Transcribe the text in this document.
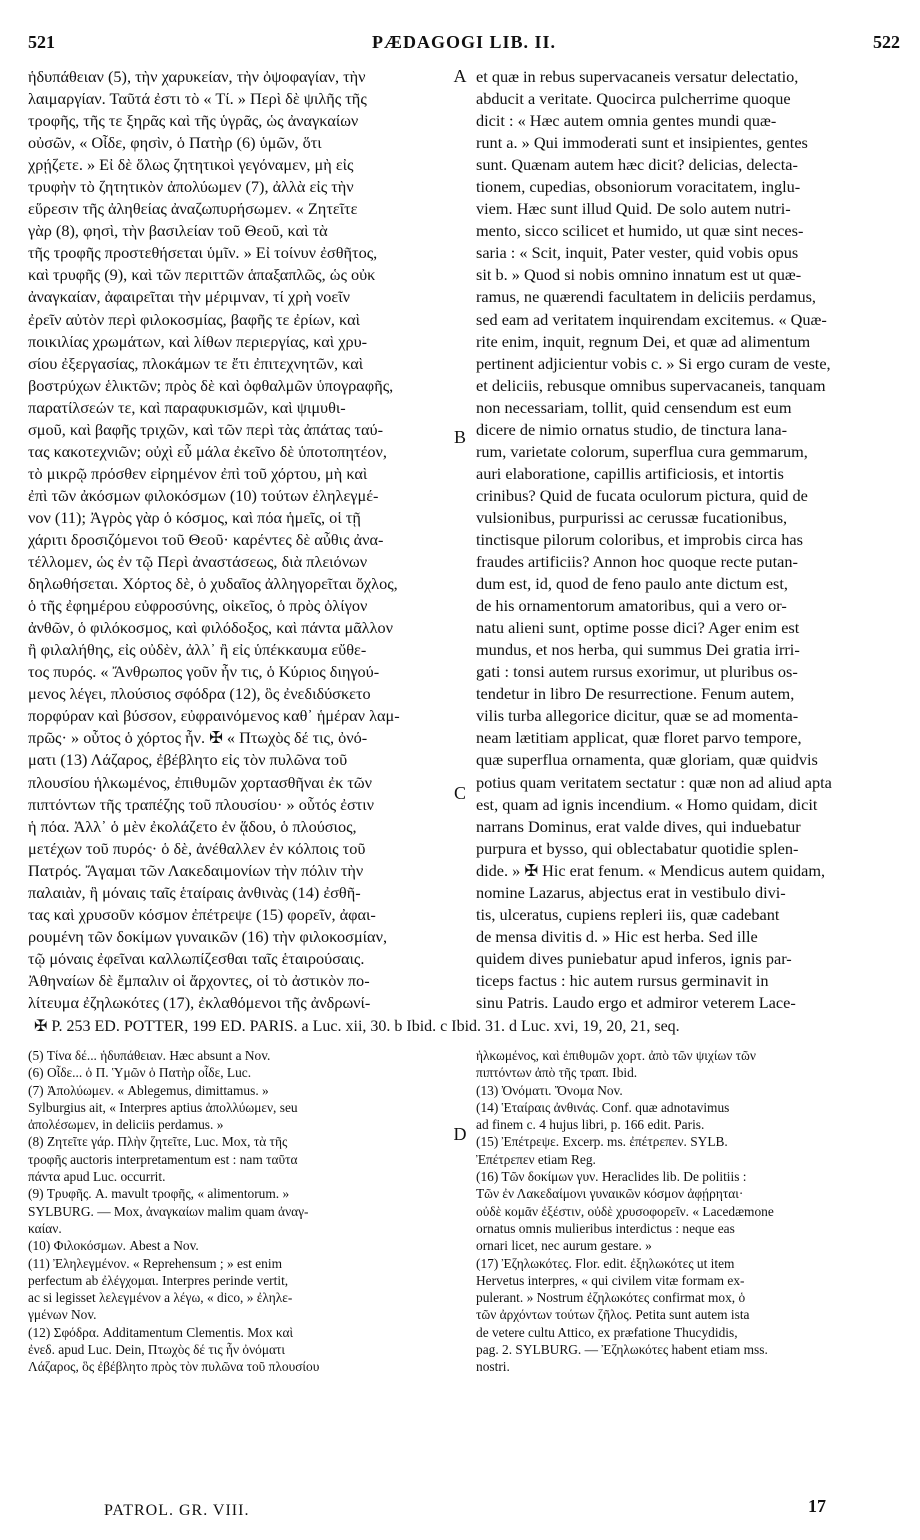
521	PÆDAGOGI LIB. II.	522
ἡδυπάθειαν (5), τὴν χαρυκείαν, τὴν ὀψοφαγίαν, τὴν
λαιμαργίαν. Ταῦτά ἐστι τὸ « Τί. » Περὶ δὲ ψιλῆς τῆς
τροφῆς, τῆς τε ξηρᾶς καὶ τῆς ὑγρᾶς, ὡς ἀναγκαίων
οὐσῶν, « Οἶδε, φησὶν, ὁ Πατὴρ (6) ὑμῶν, ὅτι
χρῄζετε. » Εἰ δὲ ὅλως ζητητικοὶ γεγόναμεν, μὴ εἰς
τρυφὴν τὸ ζητητικὸν ἀπολύωμεν (7), ἀλλὰ εἰς τὴν
εὕρεσιν τῆς ἀληθείας ἀναζωπυρήσωμεν. « Ζητεῖτε
γὰρ (8), φησὶ, τὴν βασιλείαν τοῦ Θεοῦ, καὶ τὰ
τῆς τροφῆς προστεθήσεται ὑμῖν. » Εἰ τοίνυν ἐσθῆτος,
καὶ τρυφῆς (9), καὶ τῶν περιττῶν ἁπαξαπλῶς, ὡς οὐκ
ἀναγκαίαν, ἀφαιρεῖται τὴν μέριμναν, τί χρὴ νοεῖν
ἐρεῖν αὐτὸν περὶ φιλοκοσμίας, βαφῆς τε ἐρίων, καὶ
ποικιλίας χρωμάτων, καὶ λίθων περιεργίας, καὶ χρυ-
σίου ἐξεργασίας, πλοκάμων τε ἔτι ἐπιτεχνητῶν, καὶ
βοστρύχων ἑλικτῶν; πρὸς δὲ καὶ ὀφθαλμῶν ὑπογραφῆς,
παρατίλσεών τε, καὶ παραφυκισμῶν, καὶ ψιμυθι-
σμοῦ, καὶ βαφῆς τριχῶν, καὶ τῶν περὶ τὰς ἀπάτας ταύ-
τας κακοτεχνιῶν; οὐχὶ εὖ μάλα ἐκεῖνο δὲ ὑποτοπητέον,
τὸ μικρῷ πρόσθεν εἰρημένον ἐπὶ τοῦ χόρτου, μὴ καὶ
ἐπὶ τῶν ἀκόσμων φιλοκόσμων (10) τούτων ἐληλεγμέ-
νον (11); Ἀγρὸς γὰρ ὁ κόσμος, καὶ πόα ἡμεῖς, οἱ τῇ
χάριτι δροσιζόμενοι τοῦ Θεοῦ· καρέντες δὲ αὖθις ἀνα-
τέλλομεν, ὡς ἐν τῷ Περὶ ἀναστάσεως, διὰ πλειόνων
δηλωθήσεται. Χόρτος δὲ, ὁ χυδαῖος ἀλληγορεῖται ὄχλος,
ὁ τῆς ἐφημέρου εὐφροσύνης, οἰκεῖος, ὁ πρὸς ὀλίγον
ἀνθῶν, ὁ φιλόκοσμος, καὶ φιλόδοξος, καὶ πάντα μᾶλλον
ἢ φιλαλήθης, εἰς οὐδὲν, ἀλλ᾽ ἢ εἰς ὑπέκκαυμα εὔθε-
τος πυρός. « Ἄνθρωπος γοῦν ἦν τις, ὁ Κύριος διηγού-
μενος λέγει, πλούσιος σφόδρα (12), ὃς ἐνεδιδύσκετο
πορφύραν καὶ βύσσον, εὐφραινόμενος καθ᾽ ἡμέραν λαμ-
πρῶς· » οὗτος ὁ χόρτος ἦν. ✠ « Πτωχὸς δέ τις, ὀνό-
ματι (13) Λάζαρος, ἐβέβλητο εἰς τὸν πυλῶνα τοῦ
πλουσίου ἡλκωμένος, ἐπιθυμῶν χορτασθῆναι ἐκ τῶν
πιπτόντων τῆς τραπέζης τοῦ πλουσίου· » οὗτός ἐστιν
ἡ πόα. Ἀλλ᾽ ὁ μὲν ἐκολάζετο ἐν ᾅδου, ὁ πλούσιος,
μετέχων τοῦ πυρός· ὁ δὲ, ἀνέθαλλεν ἐν κόλποις τοῦ
Πατρός. Ἄγαμαι τῶν Λακεδαιμονίων τὴν πόλιν τὴν
παλαιὰν, ἣ μόναις ταῖς ἑταίραις ἀνθινὰς (14) ἐσθῆ-
τας καὶ χρυσοῦν κόσμον ἐπέτρεψε (15) φορεῖν, ἀφαι-
ρουμένη τῶν δοκίμων γυναικῶν (16) τὴν φιλοκοσμίαν,
τῷ μόναις ἐφεῖναι καλλωπίζεσθαι ταῖς ἑταιρούσαις.
Ἀθηναίων δὲ ἔμπαλιν οἱ ἄρχοντες, οἱ τὸ ἀστικὸν πο-
λίτευμα ἐζηλωκότες (17), ἐκλαθόμενοι τῆς ἀνδρωνί-
et quæ in rebus supervacaneis versatur delectatio,
abducit a veritate. Quocirca pulcherrime quoque
dicit : « Hæc autem omnia gentes mundi quæ-
runt a. » Qui immoderati sunt et insipientes, gentes
sunt. Quænam autem hæc dicit? delicias, delecta-
tionem, cupedias, obsoniorum voracitatem, inglu-
viem. Hæc sunt illud Quid. De solo autem nutri-
mento, sicco scilicet et humido, ut quæ sint neces-
saria : « Scit, inquit, Pater vester, quid vobis opus
sit b. » Quod si nobis omnino innatum est ut quæ-
ramus, ne quærendi facultatem in deliciis perdamus,
sed eam ad veritatem inquirendam excitemus. « Quæ-
rite enim, inquit, regnum Dei, et quæ ad alimentum
pertinent adjicientur vobis c. » Si ergo curam de veste,
et deliciis, rebusque omnibus supervacaneis, tanquam
non necessariam, tollit, quid censendum est eum
dicere de nimio ornatus studio, de tinctura lana-
rum, varietate colorum, superflua cura gemmarum,
auri elaboratione, capillis artificiosis, et intortis
crinibus? Quid de fucata oculorum pictura, quid de
vulsionibus, purpurissi ac cerussæ fucationibus,
tinctisque pilorum coloribus, et improbis circa has
fraudes artificiis? Annon hoc quoque recte putan-
dum est, id, quod de feno paulo ante dictum est,
de his ornamentorum amatoribus, qui a vero or-
natu alieni sunt, optime posse dici? Ager enim est
mundus, et nos herba, qui summus Dei gratia irri-
gati : tonsi autem rursus exorimur, ut pluribus os-
tendetur in libro De resurrectione. Fenum autem,
vilis turba allegorice dicitur, quæ se ad momenta-
neam lætitiam applicat, quæ floret parvo tempore,
quæ superflua ornamenta, quæ gloriam, quæ quidvis
potius quam veritatem sectatur : quæ non ad aliud apta
est, quam ad ignis incendium. « Homo quidam, dicit
narrans Dominus, erat valde dives, qui induebatur
purpura et bysso, qui oblectabatur quotidie splen-
dide. » ✠ Hic erat fenum. « Mendicus autem quidam,
nomine Lazarus, abjectus erat in vestibulo divi-
tis, ulceratus, cupiens repleri iis, quæ cadebant
de mensa divitis d. » Hic est herba. Sed ille
quidem dives puniebatur apud inferos, ignis par-
ticeps factus : hic autem rursus germinavit in
sinu Patris. Laudo ergo et admiror veterem Lace-
A
B
C
D
✠ P. 253 ED. POTTER, 199 ED. PARIS. a Luc. xii, 30. b Ibid. c Ibid. 31. d Luc. xvi, 19, 20, 21, seq.
(5) Τίνα δέ... ἡδυπάθειαν. Hæc absunt a Nov.
(6) Οἶδε... ὁ Π. Ὑμῶν ὁ Πατὴρ οἶδε, Luc.
(7) Ἀπολύωμεν. « Ablegemus, dimittamus. »
Sylburgius ait, « Interpres aptius ἀπολλύωμεν, seu
ἀπολέσωμεν, in deliciis perdamus. »
(8) Ζητεῖτε γάρ. Πλὴν ζητεῖτε, Luc. Mox, τὰ τῆς
τροφῆς auctoris interpretamentum est : nam ταῦτα
πάντα apud Luc. occurrit.
(9) Τρυφῆς. A. mavult τροφῆς, « alimentorum. »
SYLBURG. — Mox, ἀναγκαίων malim quam ἀναγ-
καίαν.
(10) Φιλοκόσμων. Abest a Nov.
(11) Ἐληλεγμένον. « Reprehensum ; » est enim
perfectum ab ἐλέγχομαι. Interpres perinde vertit,
ac si legisset λελεγμένον a λέγω, « dico, » ἐληλε-
γμένων Nov.
(12) Σφόδρα. Additamentum Clementis. Mox καὶ
ἐνεδ. apud Luc. Dein, Πτωχὸς δέ τις ἦν ὀνόματι
Λάζαρος, ὃς ἐβέβλητο πρὸς τὸν πυλῶνα τοῦ πλουσίου
ἡλκωμένος, καὶ ἐπιθυμῶν χορτ. ἀπὸ τῶν ψιχίων τῶν
πιπτόντων ἀπὸ τῆς τραπ. Ibid.
(13) Ὀνόματι. Ὄνομα Nov.
(14) Ἑταίραις ἀνθινάς. Conf. quæ adnotavimus
ad finem c. 4 hujus libri, p. 166 edit. Paris.
(15) Ἐπέτρεψε. Excerp. ms. ἐπέτρεπεν. SYLB.
Ἐπέτρεπεν etiam Reg.
(16) Τῶν δοκίμων γυν. Heraclides lib. De politiis :
Τῶν ἐν Λακεδαίμονι γυναικῶν κόσμον ἀφῄρηται·
οὐδὲ κομᾶν ἐξέστιν, οὐδὲ χρυσοφορεῖν. « Lacedæmone
ornatus omnis mulieribus interdictus : neque eas
ornari licet, nec aurum gestare. »
(17) Ἐζηλωκότες. Flor. edit. ἐξηλωκότες ut item
Hervetus interpres, « qui civilem vitæ formam ex-
pulerant. » Nostrum ἐζηλωκότες confirmat mox, ὁ
τῶν ἀρχόντων τούτων ζῆλος. Petita sunt autem ista
de vetere cultu Attico, ex præfatione Thucydidis,
pag. 2. SYLBURG. — Ἐζηλωκότες habent etiam mss.
nostri.
PATROL. GR. VIII.	17
